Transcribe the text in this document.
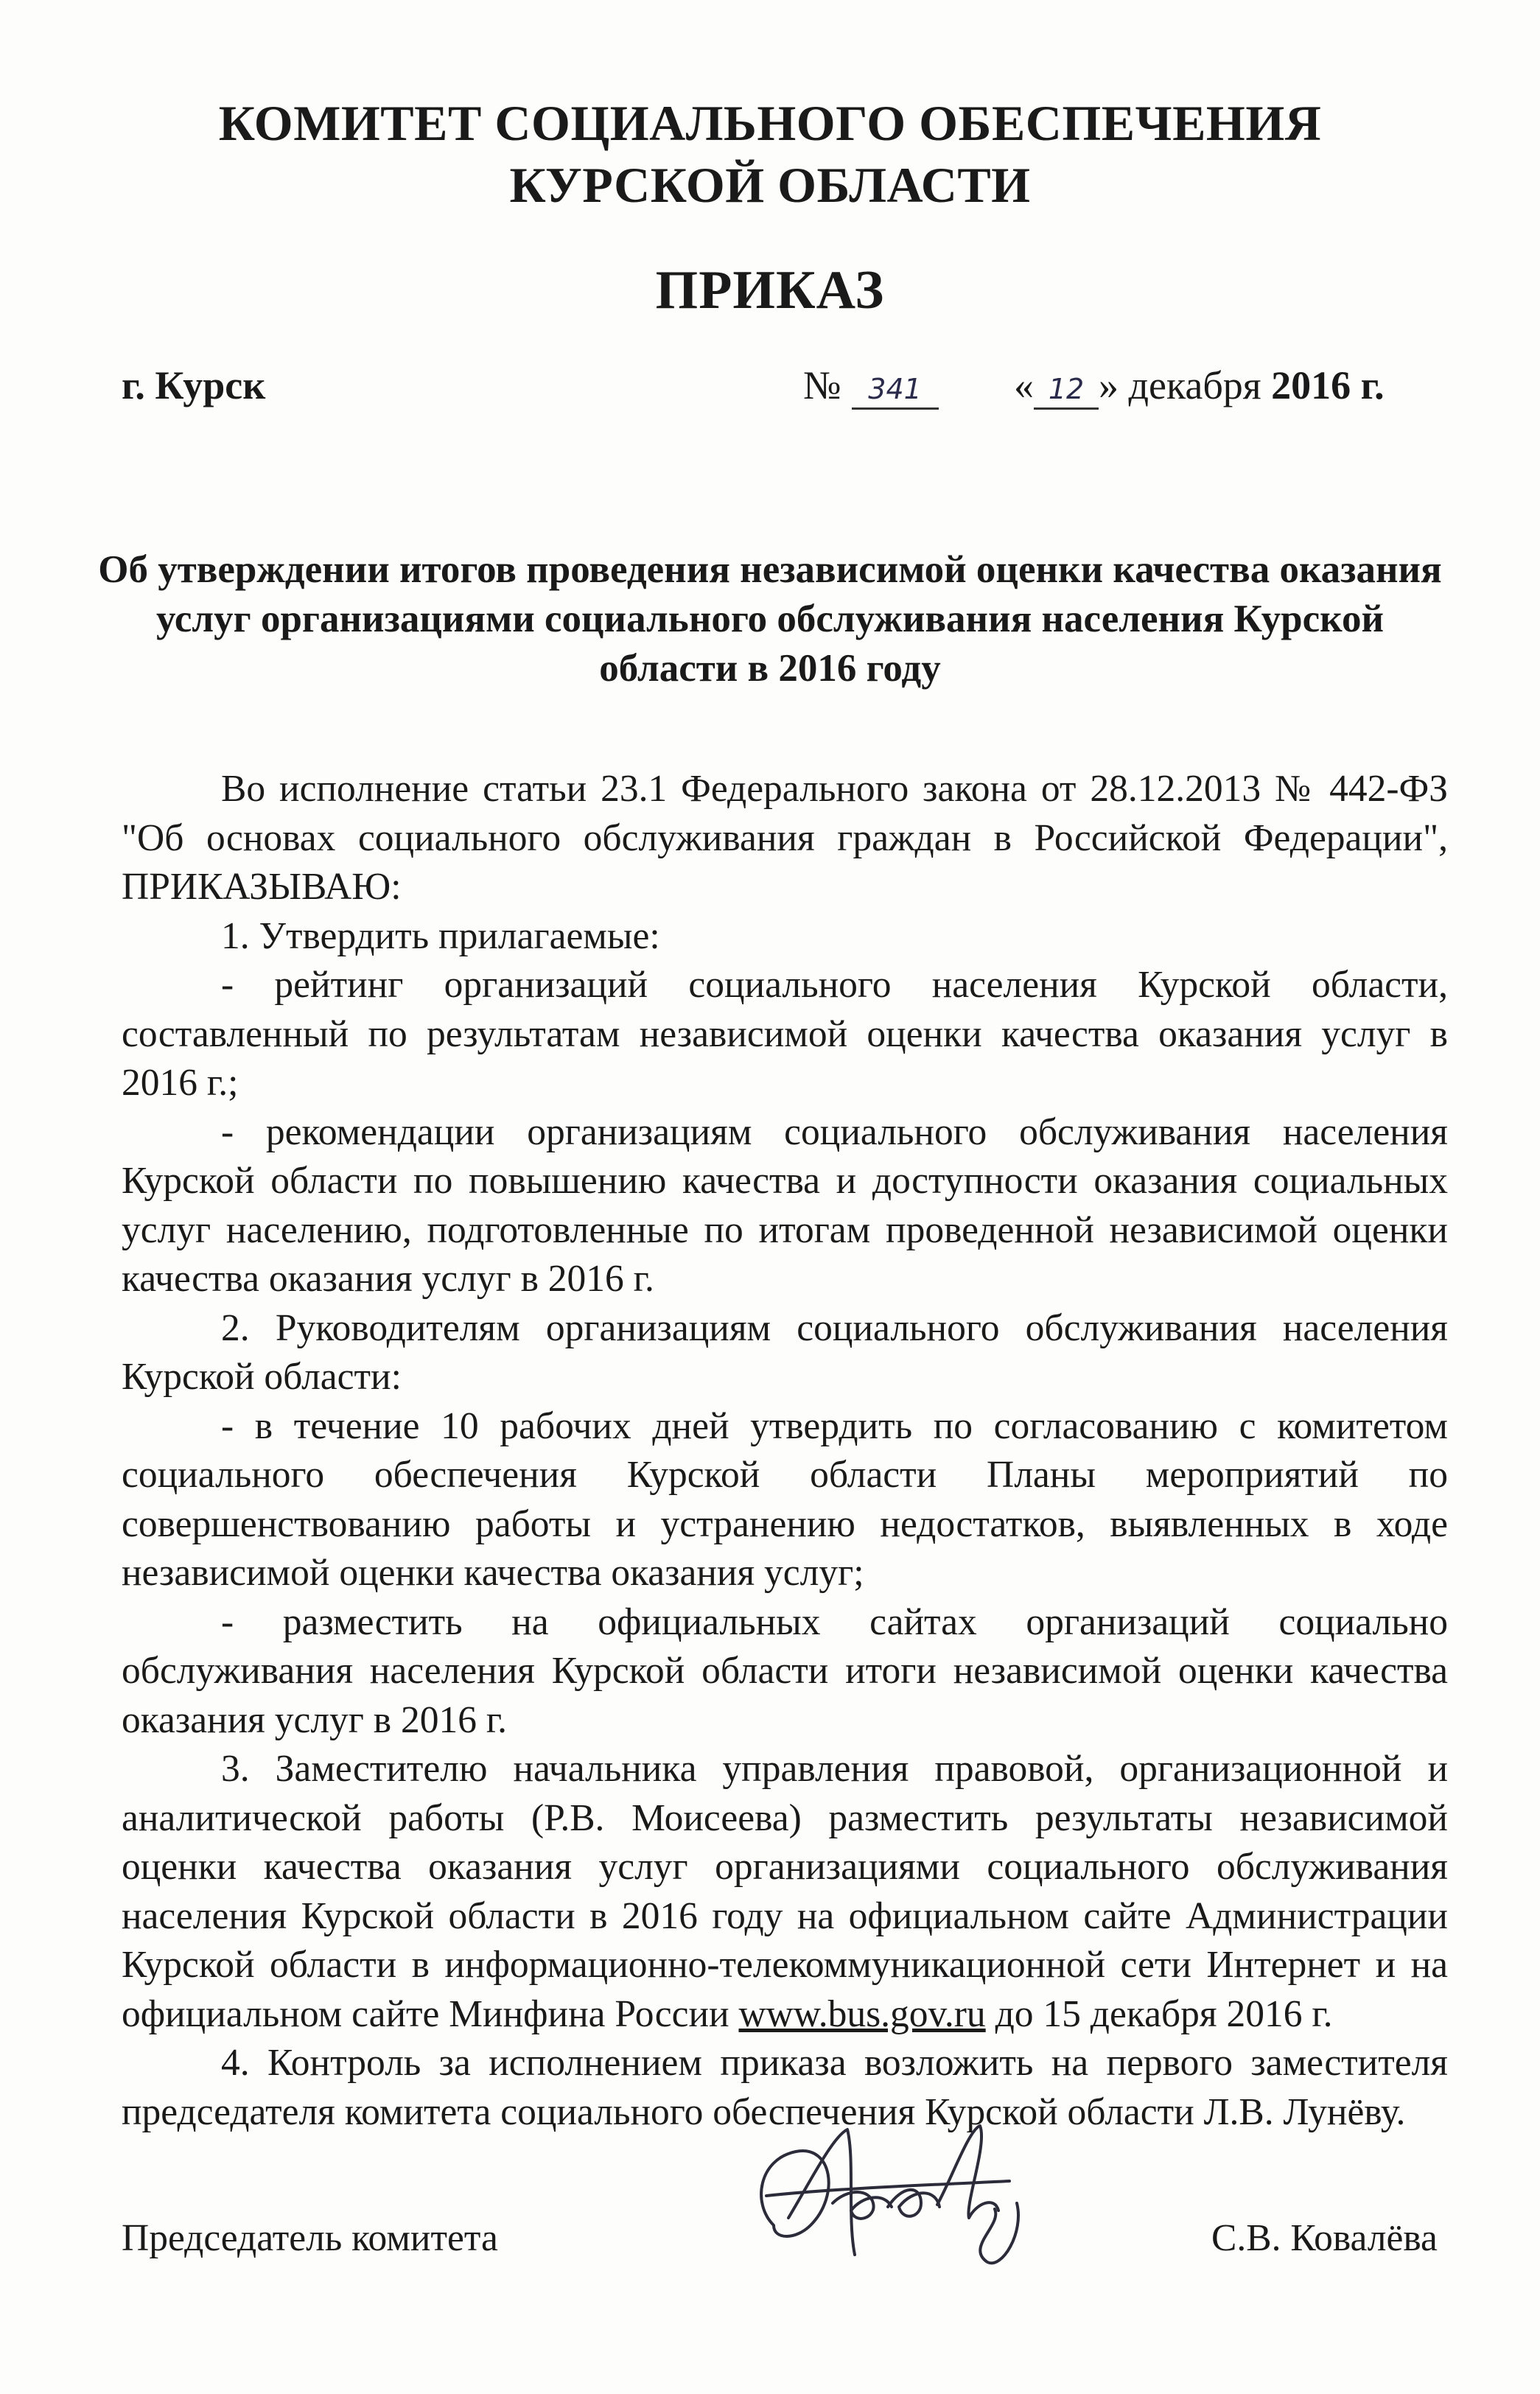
КОМИТЕТ СОЦИАЛЬНОГО ОБЕСПЕЧЕНИЯ
КУРСКОЙ ОБЛАСТИ
ПРИКАЗ
г. Курск	№ 341	« 12 » декабря 2016 г.
Об утверждении итогов проведения независимой оценки качества оказания услуг организациями социального обслуживания населения Курской области в 2016 году

Во исполнение статьи 23.1 Федерального закона от 28.12.2013 № 442-ФЗ "Об основах социального обслуживания граждан в Российской Федерации", ПРИКАЗЫВАЮ:

1. Утвердить прилагаемые:

- рейтинг организаций социального населения Курской области, составленный по результатам независимой оценки качества оказания услуг в 2016 г.;

- рекомендации организациям социального обслуживания населения Курской области по повышению качества и доступности оказания социальных услуг населению, подготовленные по итогам проведенной независимой оценки качества оказания услуг в 2016 г.

2. Руководителям организациям социального обслуживания населения Курской области:

- в течение 10 рабочих дней утвердить по согласованию с комитетом социального обеспечения Курской области Планы мероприятий по совершенствованию работы и устранению недостатков, выявленных в ходе независимой оценки качества оказания услуг;

- разместить на официальных сайтах организаций социально обслуживания населения Курской области итоги независимой оценки качества оказания услуг в 2016 г.

3. Заместителю начальника управления правовой, организационной и аналитической работы (Р.В. Моисеева) разместить результаты независимой оценки качества оказания услуг организациями социального обслуживания населения Курской области в 2016 году на официальном сайте Администрации Курской области в информационно-телекоммуникационной сети Интернет и на официальном сайте Минфина России www.bus.gov.ru до 15 декабря 2016 г.

4. Контроль за исполнением приказа возложить на первого заместителя председателя комитета социального обеспечения Курской области Л.В. Лунёву.

Председатель комитета	С.В. Ковалёва
